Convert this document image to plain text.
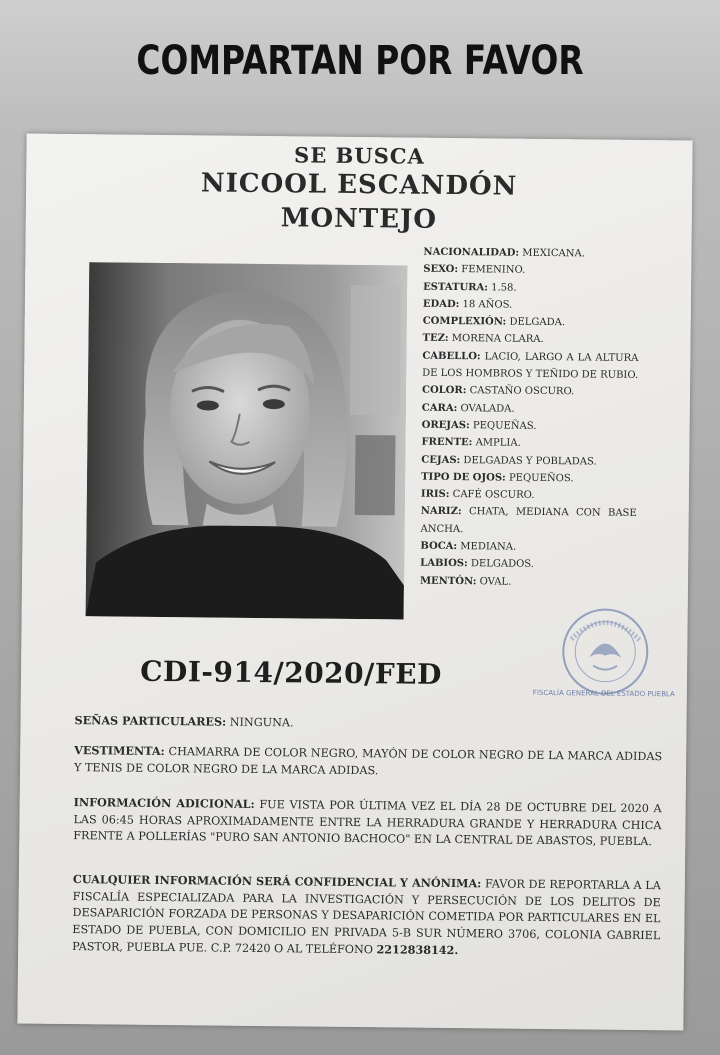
COMPARTAN POR FAVOR
SE BUSCA
NICOOL ESCANDÓN
MONTEJO
NACIONALIDAD: MEXICANA.
SEXO: FEMENINO.
ESTATURA: 1.58.
EDAD: 18 AÑOS.
COMPLEXIÓN: DELGADA.
TEZ: MORENA CLARA.
CABELLO: LACIO, LARGO A LA ALTURA DE LOS HOMBROS Y TEÑIDO DE RUBIO.
COLOR: CASTAÑO OSCURO.
CARA: OVALADA.
OREJAS: PEQUEÑAS.
FRENTE: AMPLIA.
CEJAS: DELGADAS Y POBLADAS.
TIPO DE OJOS: PEQUEÑOS.
IRIS: CAFÉ OSCURO.
NARIZ: CHATA, MEDIANA CON BASE ANCHA.
BOCA: MEDIANA.
LABIOS: DELGADOS.
MENTÓN: OVAL.
FISCALÍA GENERAL DEL ESTADO PUEBLA
CDI-914/2020/FED
SEÑAS PARTICULARES: NINGUNA.
VESTIMENTA: CHAMARRA DE COLOR NEGRO, MAYÓN DE COLOR NEGRO DE LA MARCA ADIDAS Y TENIS DE COLOR NEGRO DE LA MARCA ADIDAS.
INFORMACIÓN ADICIONAL: FUE VISTA POR ÚLTIMA VEZ EL DÍA 28 DE OCTUBRE DEL 2020 A LAS 06:45 HORAS APROXIMADAMENTE ENTRE LA HERRADURA GRANDE Y HERRADURA CHICA FRENTE A POLLERÍAS "PURO SAN ANTONIO BACHOCO" EN LA CENTRAL DE ABASTOS, PUEBLA.
CUALQUIER INFORMACIÓN SERÁ CONFIDENCIAL Y ANÓNIMA: FAVOR DE REPORTARLA A LA FISCALÍA ESPECIALIZADA PARA LA INVESTIGACIÓN Y PERSECUCIÓN DE LOS DELITOS DE DESAPARICIÓN FORZADA DE PERSONAS Y DESAPARICIÓN COMETIDA POR PARTICULARES EN EL ESTADO DE PUEBLA, CON DOMICILIO EN PRIVADA 5-B SUR NÚMERO 3706, COLONIA GABRIEL PASTOR, PUEBLA PUE. C.P. 72420 O AL TELÉFONO 2212838142.
